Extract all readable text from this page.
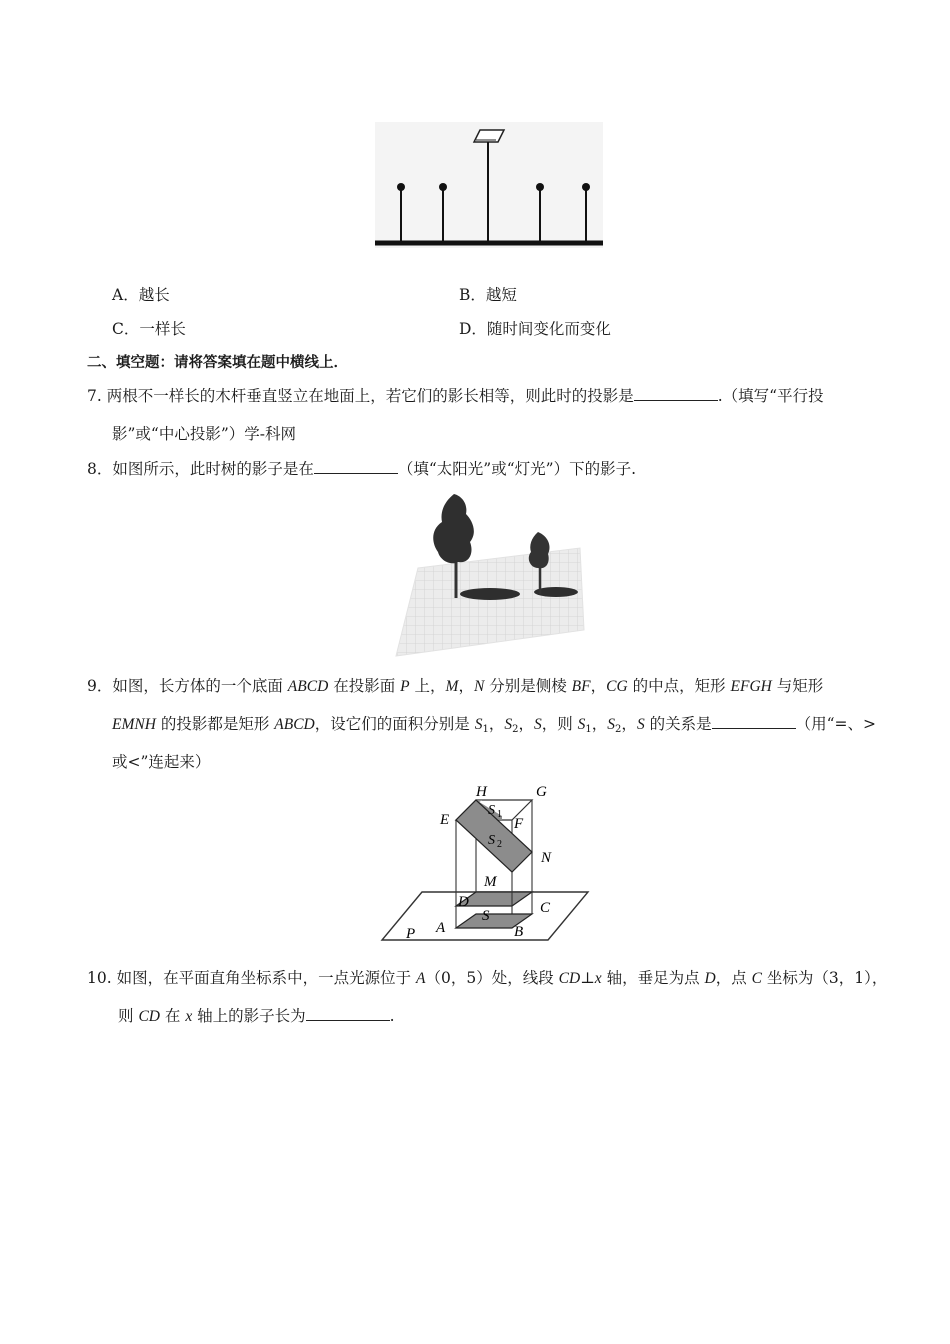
A．越长	B．越短
C．一样长	D．随时间变化而变化
二、填空题：请将答案填在题中横线上．
7. 两根不一样长的木杆垂直竖立在地面上，若它们的影长相等，则此时的投影是	.（填写“平行投
影”或“中心投影”）学-科网
8．如图所示，此时树的影子是在	（填“太阳光”或“灯光”）下的影子.
9．如图，长方体的一个底面 ABCD 在投影面 P 上，M，N 分别是侧棱 BF，CG 的中点，矩形 EFGH 与矩形
EMNH 的投影都是矩形 ABCD，设它们的面积分别是 $S_1$，$S_2$，S，则 $S_1$，$S_2$，S 的关系是	（用“=、>
或<”连起来）
H	G
E	F
N
M
D	C
A	B
P
S
S 1
S 2
10. 如图，在平面直角坐标系中，一点光源位于 A（0，5）处，线段 CD⊥x 轴，垂足为点 D，点 C 坐标为（3，1），
则 CD 在 x 轴上的影子长为	.
